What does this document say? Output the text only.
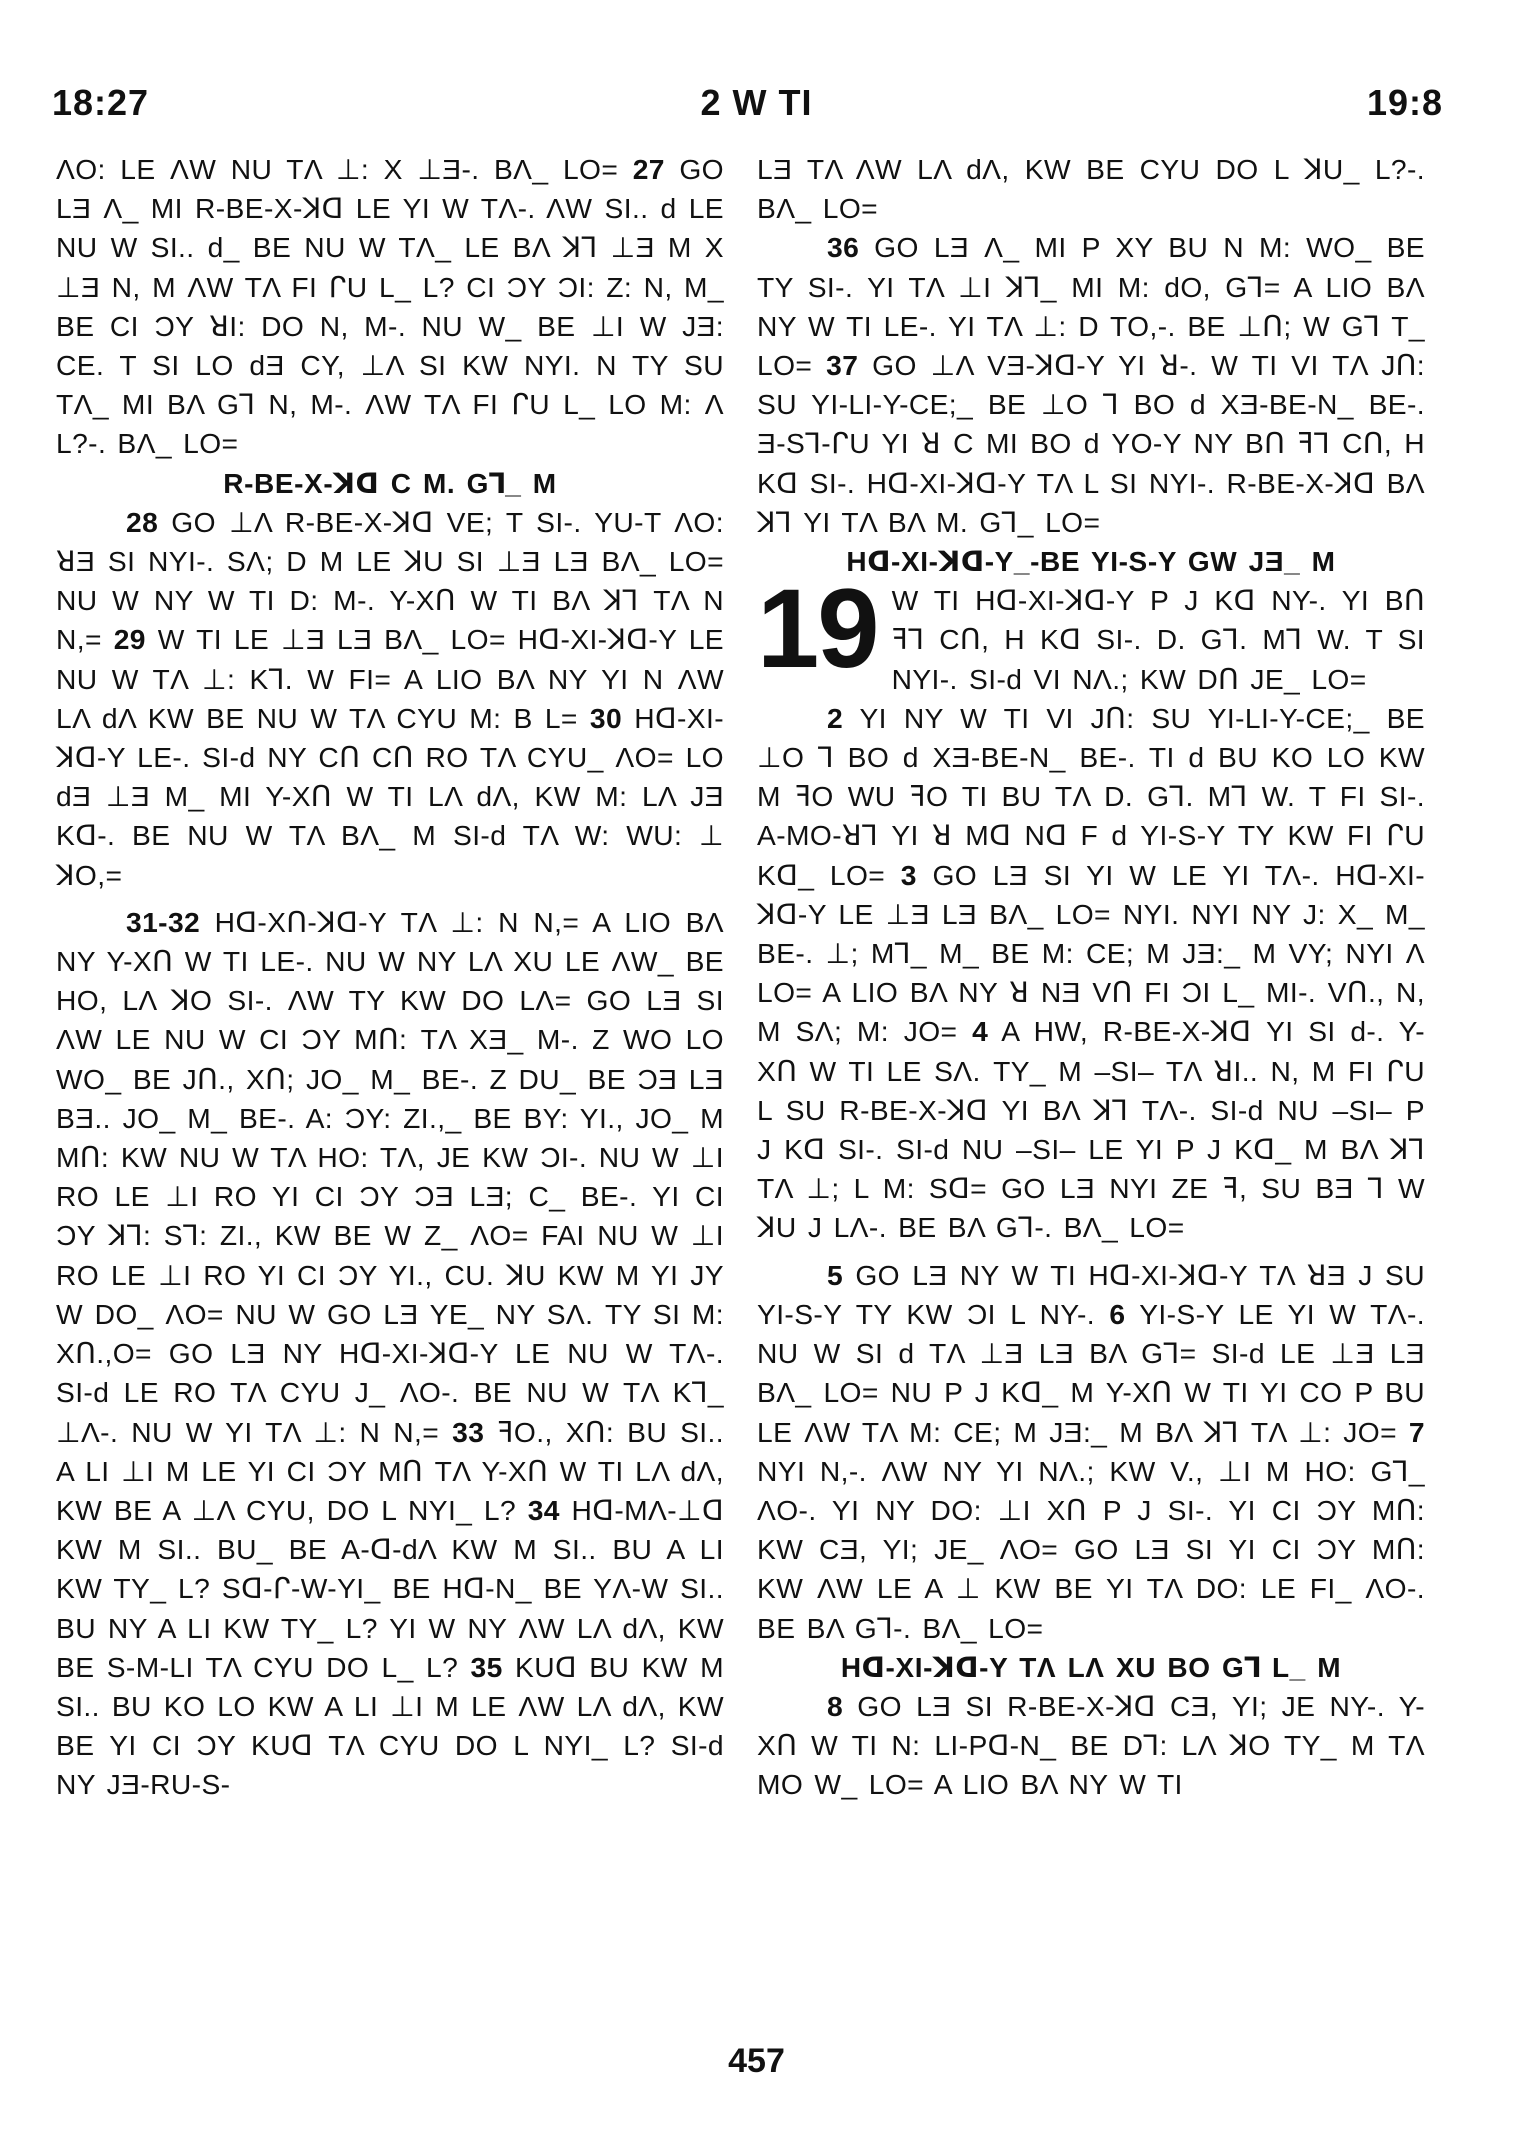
18:27	2 W TI	19:8

ΛO: LE ΛW NU TΛ ⊥: X ⊥Ǝ-. BΛ_ LO= 27 GO LƎ Λ_ MI R-BE-X-ꓘꓷ LE YI W TΛ-. ΛW SI.. d LE NU W SI.. d_ BE NU W TΛ_ LE BΛ ꓘ⅂ ⊥Ǝ M X ⊥Ǝ N, M ΛW TΛ FI ᒋU L_ L? CI ƆY ƆI: Z: N, M_ BE CI ƆY ꓤI: DO N, M-. NU W_ BE ⊥I W JƎ: CE. T SI LO dƎ CY, ⊥Λ SI KW NYI. N TY SU TΛ_ MI BΛ G⅂ N, M-. ΛW TΛ FI ᒋU L_ LO M: Λ L?-. BΛ_ LO=

R-BE-X-ꓘꓷ C M. G⅂_ M

28 GO ⊥Λ R-BE-X-ꓘꓷ VE; T SI-. YU-T ΛO: ꓤƎ SI NYI-. SΛ; D M LE ꓘU SI ⊥Ǝ LƎ BΛ_ LO= NU W NY W TI D: M-. Y-XՈ W TI BΛ ꓘ⅂ TΛ N N,= 29 W TI LE ⊥Ǝ LƎ BΛ_ LO= Hꓷ-XI-ꓘꓷ-Y LE NU W TΛ ⊥: K⅂. W FI= A LIO BΛ NY YI N ΛW LΛ dΛ KW BE NU W TΛ CYU M: B L= 30 Hꓷ-XI-ꓘꓷ-Y LE-. SI-d NY CՈ CՈ RO TΛ CYU_ ΛO= LO dƎ ⊥Ǝ M_ MI Y-XՈ W TI LΛ dΛ, KW M: LΛ JƎ Kꓷ-. BE NU W TΛ BΛ_ M SI-d TΛ W: WU: ⊥ ꓘO,=

31-32 Hꓷ-XՈ-ꓘꓷ-Y TΛ ⊥: N N,= A LIO BΛ NY Y-XՈ W TI LE-. NU W NY LΛ XU LE ΛW_ BE HO, LΛ ꓘO SI-. ΛW TY KW DO LΛ= GO LƎ SI ΛW LE NU W CI ƆY MՈ: TΛ XƎ_ M-. Z WO LO WO_ BE JՈ., XՈ; JO_ M_ BE-. Z DU_ BE ƆƎ LƎ BƎ.. JO_ M_ BE-. A: ƆY: ZI.,_ BE BY: YI., JO_ M MՈ: KW NU W TΛ HO: TΛ, JE KW ƆI-. NU W ⊥I RO LE ⊥I RO YI CI ƆY ƆƎ LƎ; C_ BE-. YI CI ƆY ꓘ⅂: S⅂: ZI., KW BE W Z_ ΛO= FAI NU W ⊥I RO LE ⊥I RO YI CI ƆY YI., CU. ꓘU KW M YI JY W DO_ ΛO= NU W GO LƎ YE_ NY SΛ. TY SI M: XՈ.,O= GO LƎ NY Hꓷ-XI-ꓘꓷ-Y LE NU W TΛ-. SI-d LE RO TΛ CYU J_ ΛO-. BE NU W TΛ K⅂_ ⊥Λ-. NU W YI TΛ ⊥: N N,= 33 ꟻO., XՈ: BU SI.. A LI ⊥I M LE YI CI ƆY MՈ TΛ Y-XՈ W TI LΛ dΛ, KW BE A ⊥Λ CYU, DO L NYI_ L? 34 Hꓷ-MΛ-⊥ꓷ KW M SI.. BU_ BE A-ꓷ-dΛ KW M SI.. BU A LI KW TY_ L? Sꓷ-ᒋ-W-YI_ BE Hꓷ-N_ BE YΛ-W SI.. BU NY A LI KW TY_ L? YI W NY ΛW LΛ dΛ, KW BE S-M-LI TΛ CYU DO L_ L? 35 KUꓷ BU KW M SI.. BU KO LO KW A LI ⊥I M LE ΛW LΛ dΛ, KW BE YI CI ƆY KUꓷ TΛ CYU DO L NYI_ L? SI-d NY JƎ-RU-S-

LƎ TΛ ΛW LΛ dΛ, KW BE CYU DO L ꓘU_ L?-. BΛ_ LO=

36 GO LƎ Λ_ MI P XY BU N M: WO_ BE TY SI-. YI TΛ ⊥I ꓘ⅂_ MI M: dO, G⅂= A LIO BΛ NY W TI LE-. YI TΛ ⊥: D TO,-. BE ⊥Ո; W G⅂ T_ LO= 37 GO ⊥Λ VƎ-ꓘꓷ-Y YI ꓤ-. W TI VI TΛ JՈ: SU YI-LI-Y-CE;_ BE ⊥O ⅂ BO d XƎ-BE-N_ BE-. Ǝ-S⅂-ᒋU YI ꓤ C MI BO d YO-Y NY BՈ ꟻ⅂ CՈ, H Kꓷ SI-. Hꓷ-XI-ꓘꓷ-Y TΛ L SI NYI-. R-BE-X-ꓘꓷ BΛ ꓘ⅂ YI TΛ BΛ M. G⅂_ LO=

Hꓷ-XI-ꓘꓷ-Y_-BE YI-S-Y GW JƎ_ M

19 W TI Hꓷ-XI-ꓘꓷ-Y P J Kꓷ NY-. YI BՈ ꟻ⅂ CՈ, H Kꓷ SI-. D. G⅂. M⅂ W. T SI NYI-. SI-d VI NΛ.; KW DՈ JE_ LO=

2 YI NY W TI VI JՈ: SU YI-LI-Y-CE;_ BE ⊥O ⅂ BO d XƎ-BE-N_ BE-. TI d BU KO LO KW M ꟻO WU ꟻO TI BU TΛ D. G⅂. M⅂ W. T FI SI-. A-MO-ꓤ⅂ YI ꓤ Mꓷ Nꓷ F d YI-S-Y TY KW FI ᒋU Kꓷ_ LO= 3 GO LƎ SI YI W LE YI TΛ-. Hꓷ-XI-ꓘꓷ-Y LE ⊥Ǝ LƎ BΛ_ LO= NYI. NYI NY J: X_ M_ BE-. ⊥; M⅂_ M_ BE M: CE; M JƎ:_ M VY; NYI Λ LO= A LIO BΛ NY ꓤ NƎ VՈ FI ƆI L_ MI-. VՈ., N, M SΛ; M: JO= 4 A HW, R-BE-X-ꓘꓷ YI SI d-. Y-XՈ W TI LE SΛ. TY_ M –SI– TΛ ꓤI.. N, M FI ᒋU L SU R-BE-X-ꓘꓷ YI BΛ ꓘ⅂ TΛ-. SI-d NU –SI– P J Kꓷ SI-. SI-d NU –SI– LE YI P J Kꓷ_ M BΛ ꓘ⅂ TΛ ⊥; L M: Sꓷ= GO LƎ NYI ZE ꟻ, SU BƎ ⅂ W ꓘU J LΛ-. BE BΛ G⅂-. BΛ_ LO=

5 GO LƎ NY W TI Hꓷ-XI-ꓘꓷ-Y TΛ ꓤƎ J SU YI-S-Y TY KW ƆI L NY-. 6 YI-S-Y LE YI W TΛ-. NU W SI d TΛ ⊥Ǝ LƎ BΛ G⅂= SI-d LE ⊥Ǝ LƎ BΛ_ LO= NU P J Kꓷ_ M Y-XՈ W TI YI CO P BU LE ΛW TΛ M: CE; M JƎ:_ M BΛ ꓘ⅂ TΛ ⊥: JO= 7 NYI N,-. ΛW NY YI NΛ.; KW V., ⊥I M HO: G⅂_ ΛO-. YI NY DO: ⊥I XՈ P J SI-. YI CI ƆY MՈ: KW CƎ, YI; JE_ ΛO= GO LƎ SI YI CI ƆY MՈ: KW ΛW LE A ⊥ KW BE YI TΛ DO: LE FI_ ΛO-. BE BΛ G⅂-. BΛ_ LO=

Hꓷ-XI-ꓘꓷ-Y TΛ LΛ XU BO G⅂ L_ M

8 GO LƎ SI R-BE-X-ꓘꓷ CƎ, YI; JE NY-. Y-XՈ W TI N: LI-Pꓷ-N_ BE D⅂: LΛ ꓘO TY_ M TΛ MO W_ LO= A LIO BΛ NY W TI

457
